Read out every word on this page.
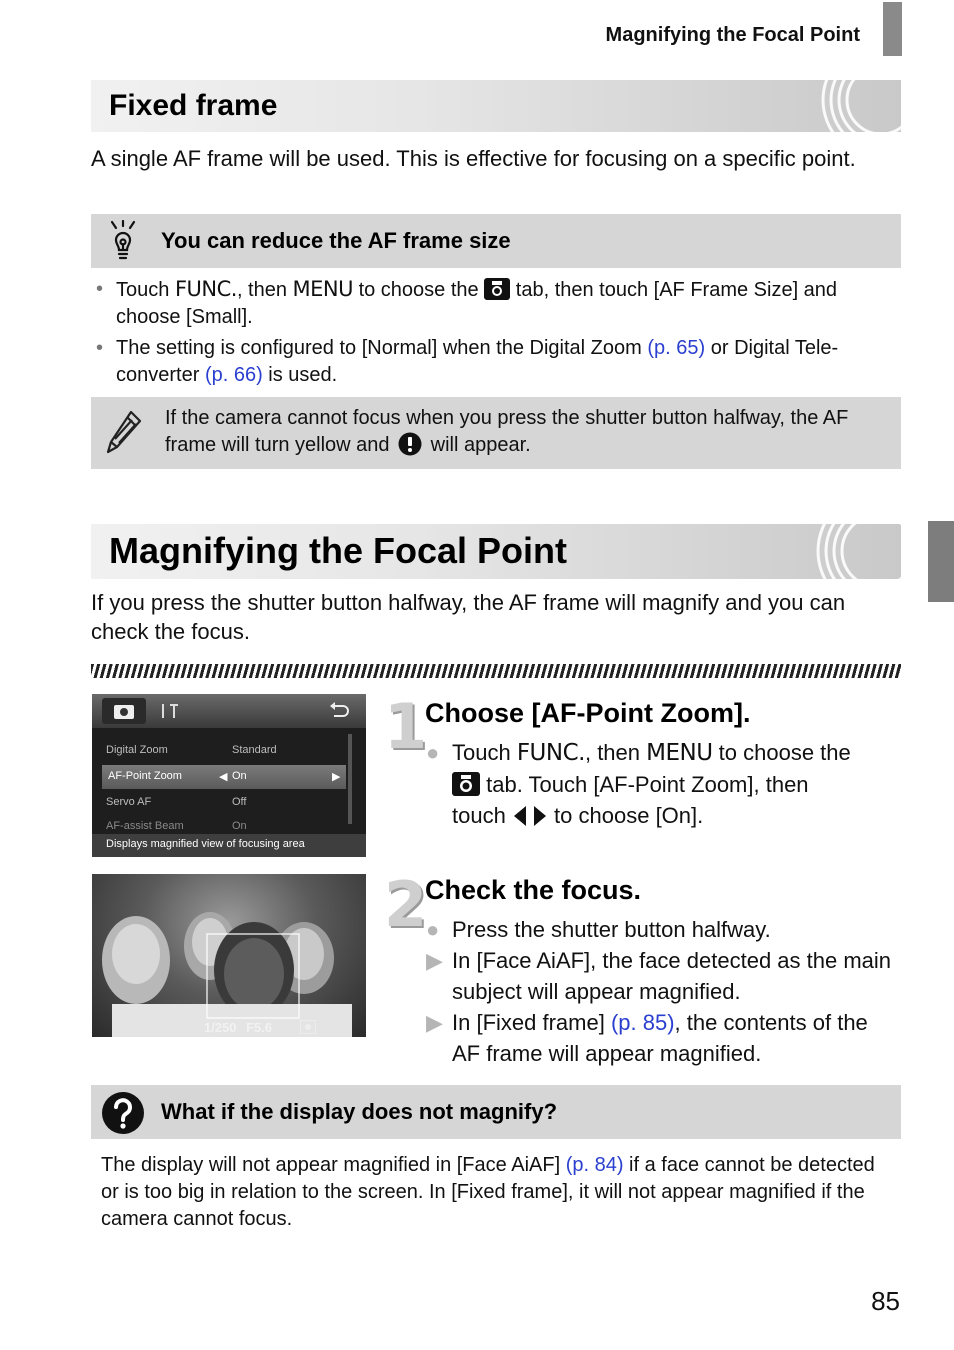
Magnifying the Focal Point
Fixed frame
A single AF frame will be used. This is effective for focusing on a specific point.
You can reduce the AF frame size
• Touch FUNC., then MENU to choose the  tab, then touch [AF Frame Size] and choose [Small].
• The setting is configured to [Normal] when the Digital Zoom (p. 65) or Digital Tele-converter (p. 66) is used.
If the camera cannot focus when you press the shutter button halfway, the AF frame will turn yellow and  will appear.
Magnifying the Focal Point
If you press the shutter button halfway, the AF frame will magnify and you can check the focus.
Digital Zoom	Standard
AF-Point Zoom	◀ On	▶
Servo AF	Off
AF-assist Beam	On
Displays magnified view of focusing area
1/250 F5.6
1
Choose [AF-Point Zoom].
● Touch FUNC., then MENU to choose the
tab. Touch [AF-Point Zoom], then
touch  to choose [On].
2
Check the focus.
● Press the shutter button halfway.
▶ In [Face AiAF], the face detected as the main subject will appear magnified.
▶ In [Fixed frame] (p. 85), the contents of the AF frame will appear magnified.
What if the display does not magnify?
The display will not appear magnified in [Face AiAF] (p. 84) if a face cannot be detected or is too big in relation to the screen. In [Fixed frame], it will not appear magnified if the camera cannot focus.
85
